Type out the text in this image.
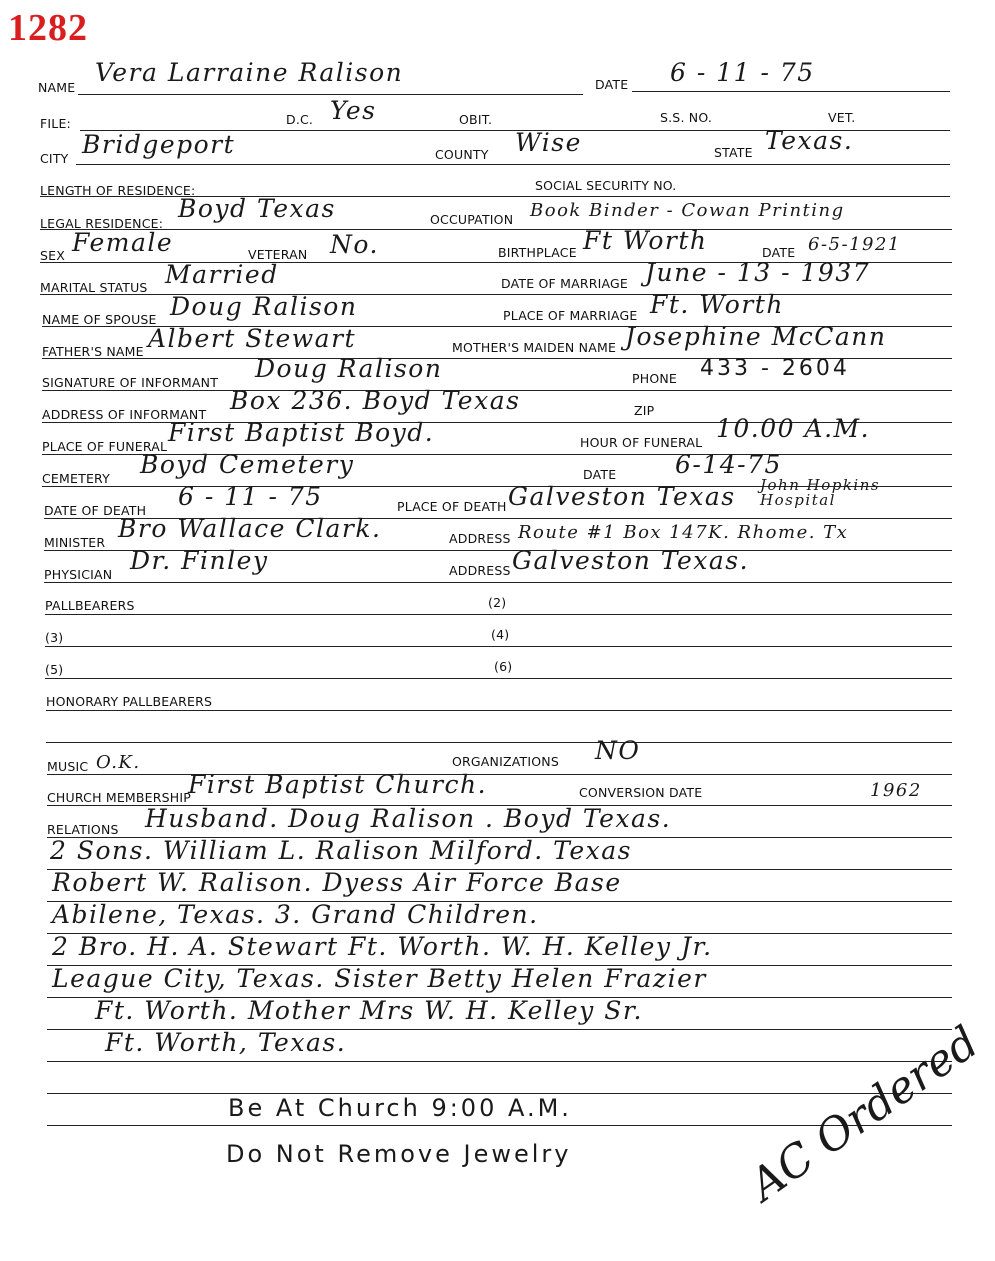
1282
NAME
Vera Larraine Ralison	DATE 6 - 11 - 75
FILE:	D.C. Yes	OBIT.	S.S. NO.	VET.
CITY Bridgeport	COUNTY Wise	STATE Texas.
LENGTH OF RESIDENCE:	SOCIAL SECURITY NO.
LEGAL RESIDENCE:
Boyd Texas	OCCUPATION Book Binder - Cowan Printing
SEX Female	VETERAN No.	BIRTHPLACE Ft Worth	DATE 6-5-1921
MARITAL STATUS Married	DATE OF MARRIAGE June - 13 - 1937
NAME OF SPOUSE Doug Ralison	PLACE OF MARRIAGE Ft. Worth
FATHER'S NAME Albert Stewart	MOTHER'S MAIDEN NAME Josephine McCann
SIGNATURE OF INFORMANT Doug Ralison	PHONE 433 - 2604
ADDRESS OF INFORMANT Box 236. Boyd Texas	ZIP
PLACE OF FUNERAL First Baptist Boyd.	HOUR OF FUNERAL 10.00 A.M.
CEMETERY Boyd Cemetery	DATE 6-14-75
DATE OF DEATH 6 - 11 - 75	PLACE OF DEATH Galveston Texas John Hopkins Hospital
MINISTER Bro Wallace Clark.	ADDRESS Route #1 Box 147K. Rhome. Tx
PHYSICIAN Dr. Finley	ADDRESS Galveston Texas.
PALLBEARERS	(2)
(3)	(4)
(5)	(6)
HONORARY PALLBEARERS
MUSIC O.K.	ORGANIZATIONS NO
CHURCH MEMBERSHIP
First Baptist Church.	CONVERSION DATE	1962
RELATIONS Husband. Doug Ralison . Boyd Texas.
2 Sons. William L. Ralison Milford. Texas
Robert W. Ralison. Dyess Air Force Base
Abilene, Texas. 3. Grand Children.
2 Bro. H. A. Stewart Ft. Worth. W. H. Kelley Jr.
League City, Texas. Sister Betty Helen Frazier
Ft. Worth. Mother Mrs W. H. Kelley Sr.
Ft. Worth, Texas.
Be At Church 9:00 A.M.
Do Not Remove Jewelry	AC Ordered
